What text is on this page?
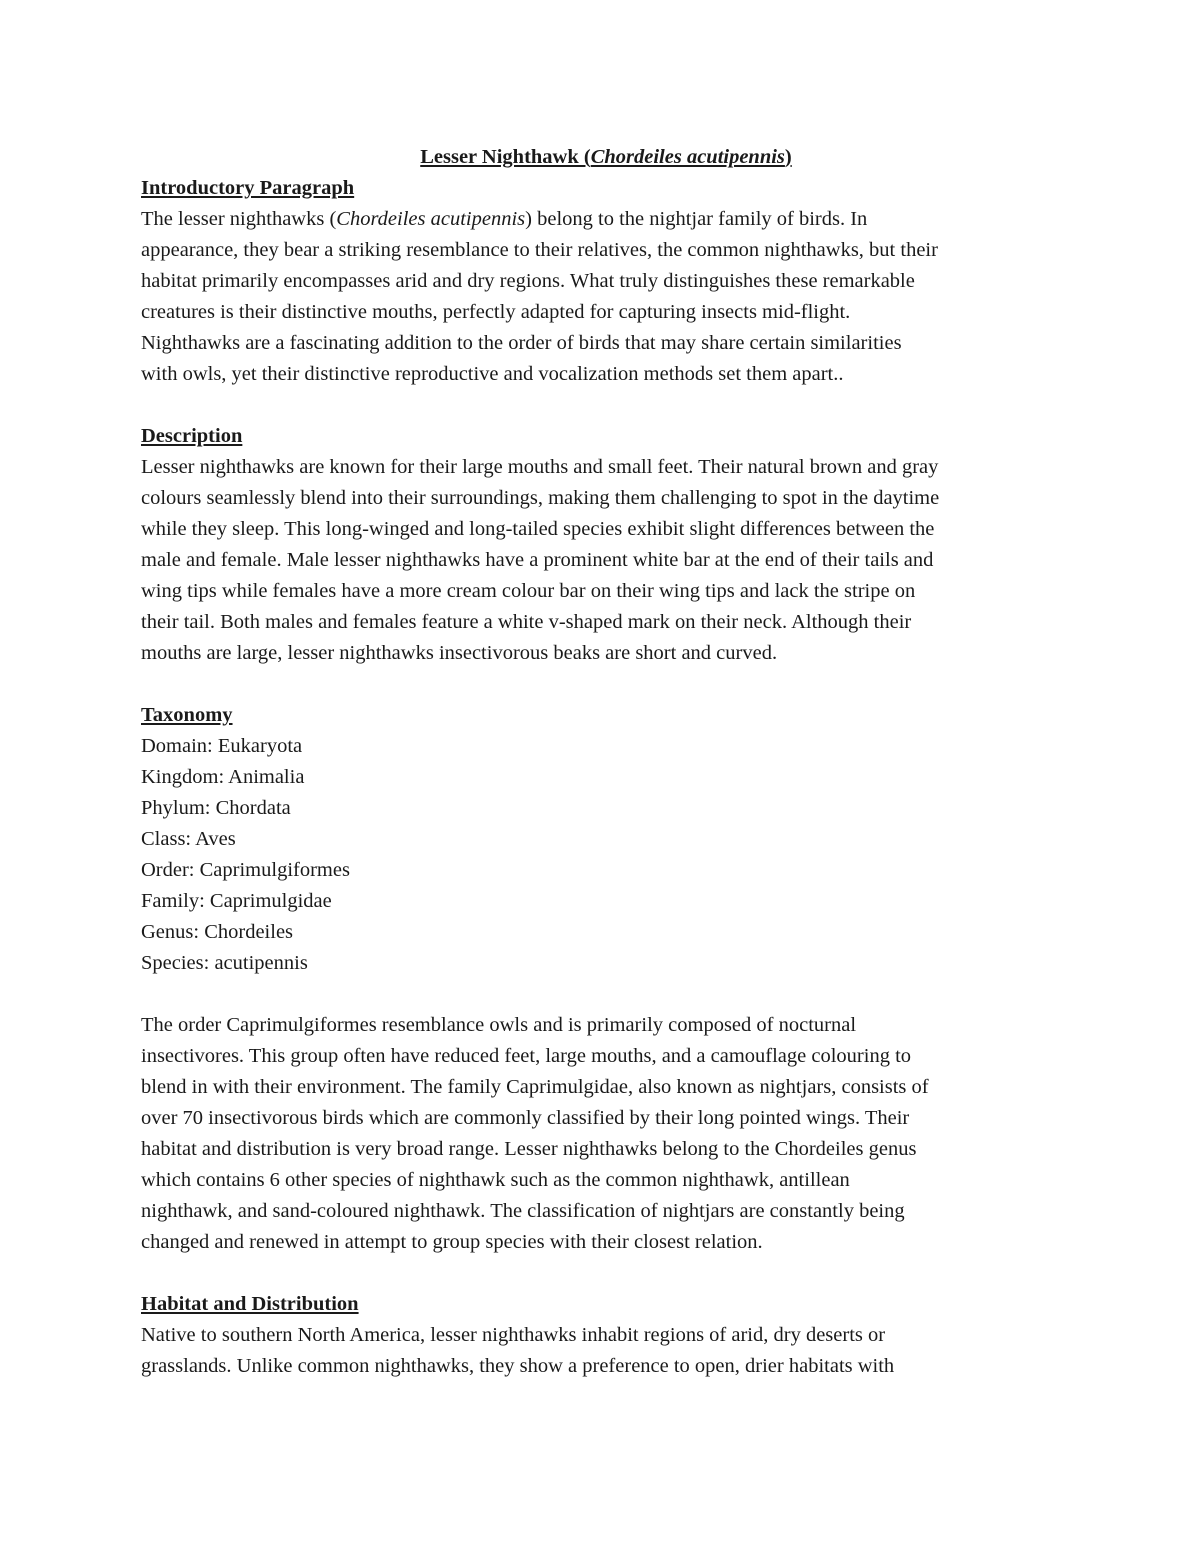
Lesser Nighthawk (Chordeiles acutipennis)

Introductory Paragraph

The lesser nighthawks (Chordeiles acutipennis) belong to the nightjar family of birds. In
appearance, they bear a striking resemblance to their relatives, the common nighthawks, but their
habitat primarily encompasses arid and dry regions. What truly distinguishes these remarkable
creatures is their distinctive mouths, perfectly adapted for capturing insects mid-flight.
Nighthawks are a fascinating addition to the order of birds that may share certain similarities
with owls, yet their distinctive reproductive and vocalization methods set them apart..

Description

Lesser nighthawks are known for their large mouths and small feet. Their natural brown and gray
colours seamlessly blend into their surroundings, making them challenging to spot in the daytime
while they sleep. This long-winged and long-tailed species exhibit slight differences between the
male and female. Male lesser nighthawks have a prominent white bar at the end of their tails and
wing tips while females have a more cream colour bar on their wing tips and lack the stripe on
their tail. Both males and females feature a white v-shaped mark on their neck. Although their
mouths are large, lesser nighthawks insectivorous beaks are short and curved.

Taxonomy

Domain: Eukaryota
Kingdom: Animalia
Phylum: Chordata
Class: Aves
Order: Caprimulgiformes
Family: Caprimulgidae
Genus: Chordeiles
Species: acutipennis

The order Caprimulgiformes resemblance owls and is primarily composed of nocturnal
insectivores. This group often have reduced feet, large mouths, and a camouflage colouring to
blend in with their environment. The family Caprimulgidae, also known as nightjars, consists of
over 70 insectivorous birds which are commonly classified by their long pointed wings. Their
habitat and distribution is very broad range. Lesser nighthawks belong to the Chordeiles genus
which contains 6 other species of nighthawk such as the common nighthawk, antillean
nighthawk, and sand-coloured nighthawk. The classification of nightjars are constantly being
changed and renewed in attempt to group species with their closest relation.

Habitat and Distribution

Native to southern North America, lesser nighthawks inhabit regions of arid, dry deserts or
grasslands. Unlike common nighthawks, they show a preference to open, drier habitats with
